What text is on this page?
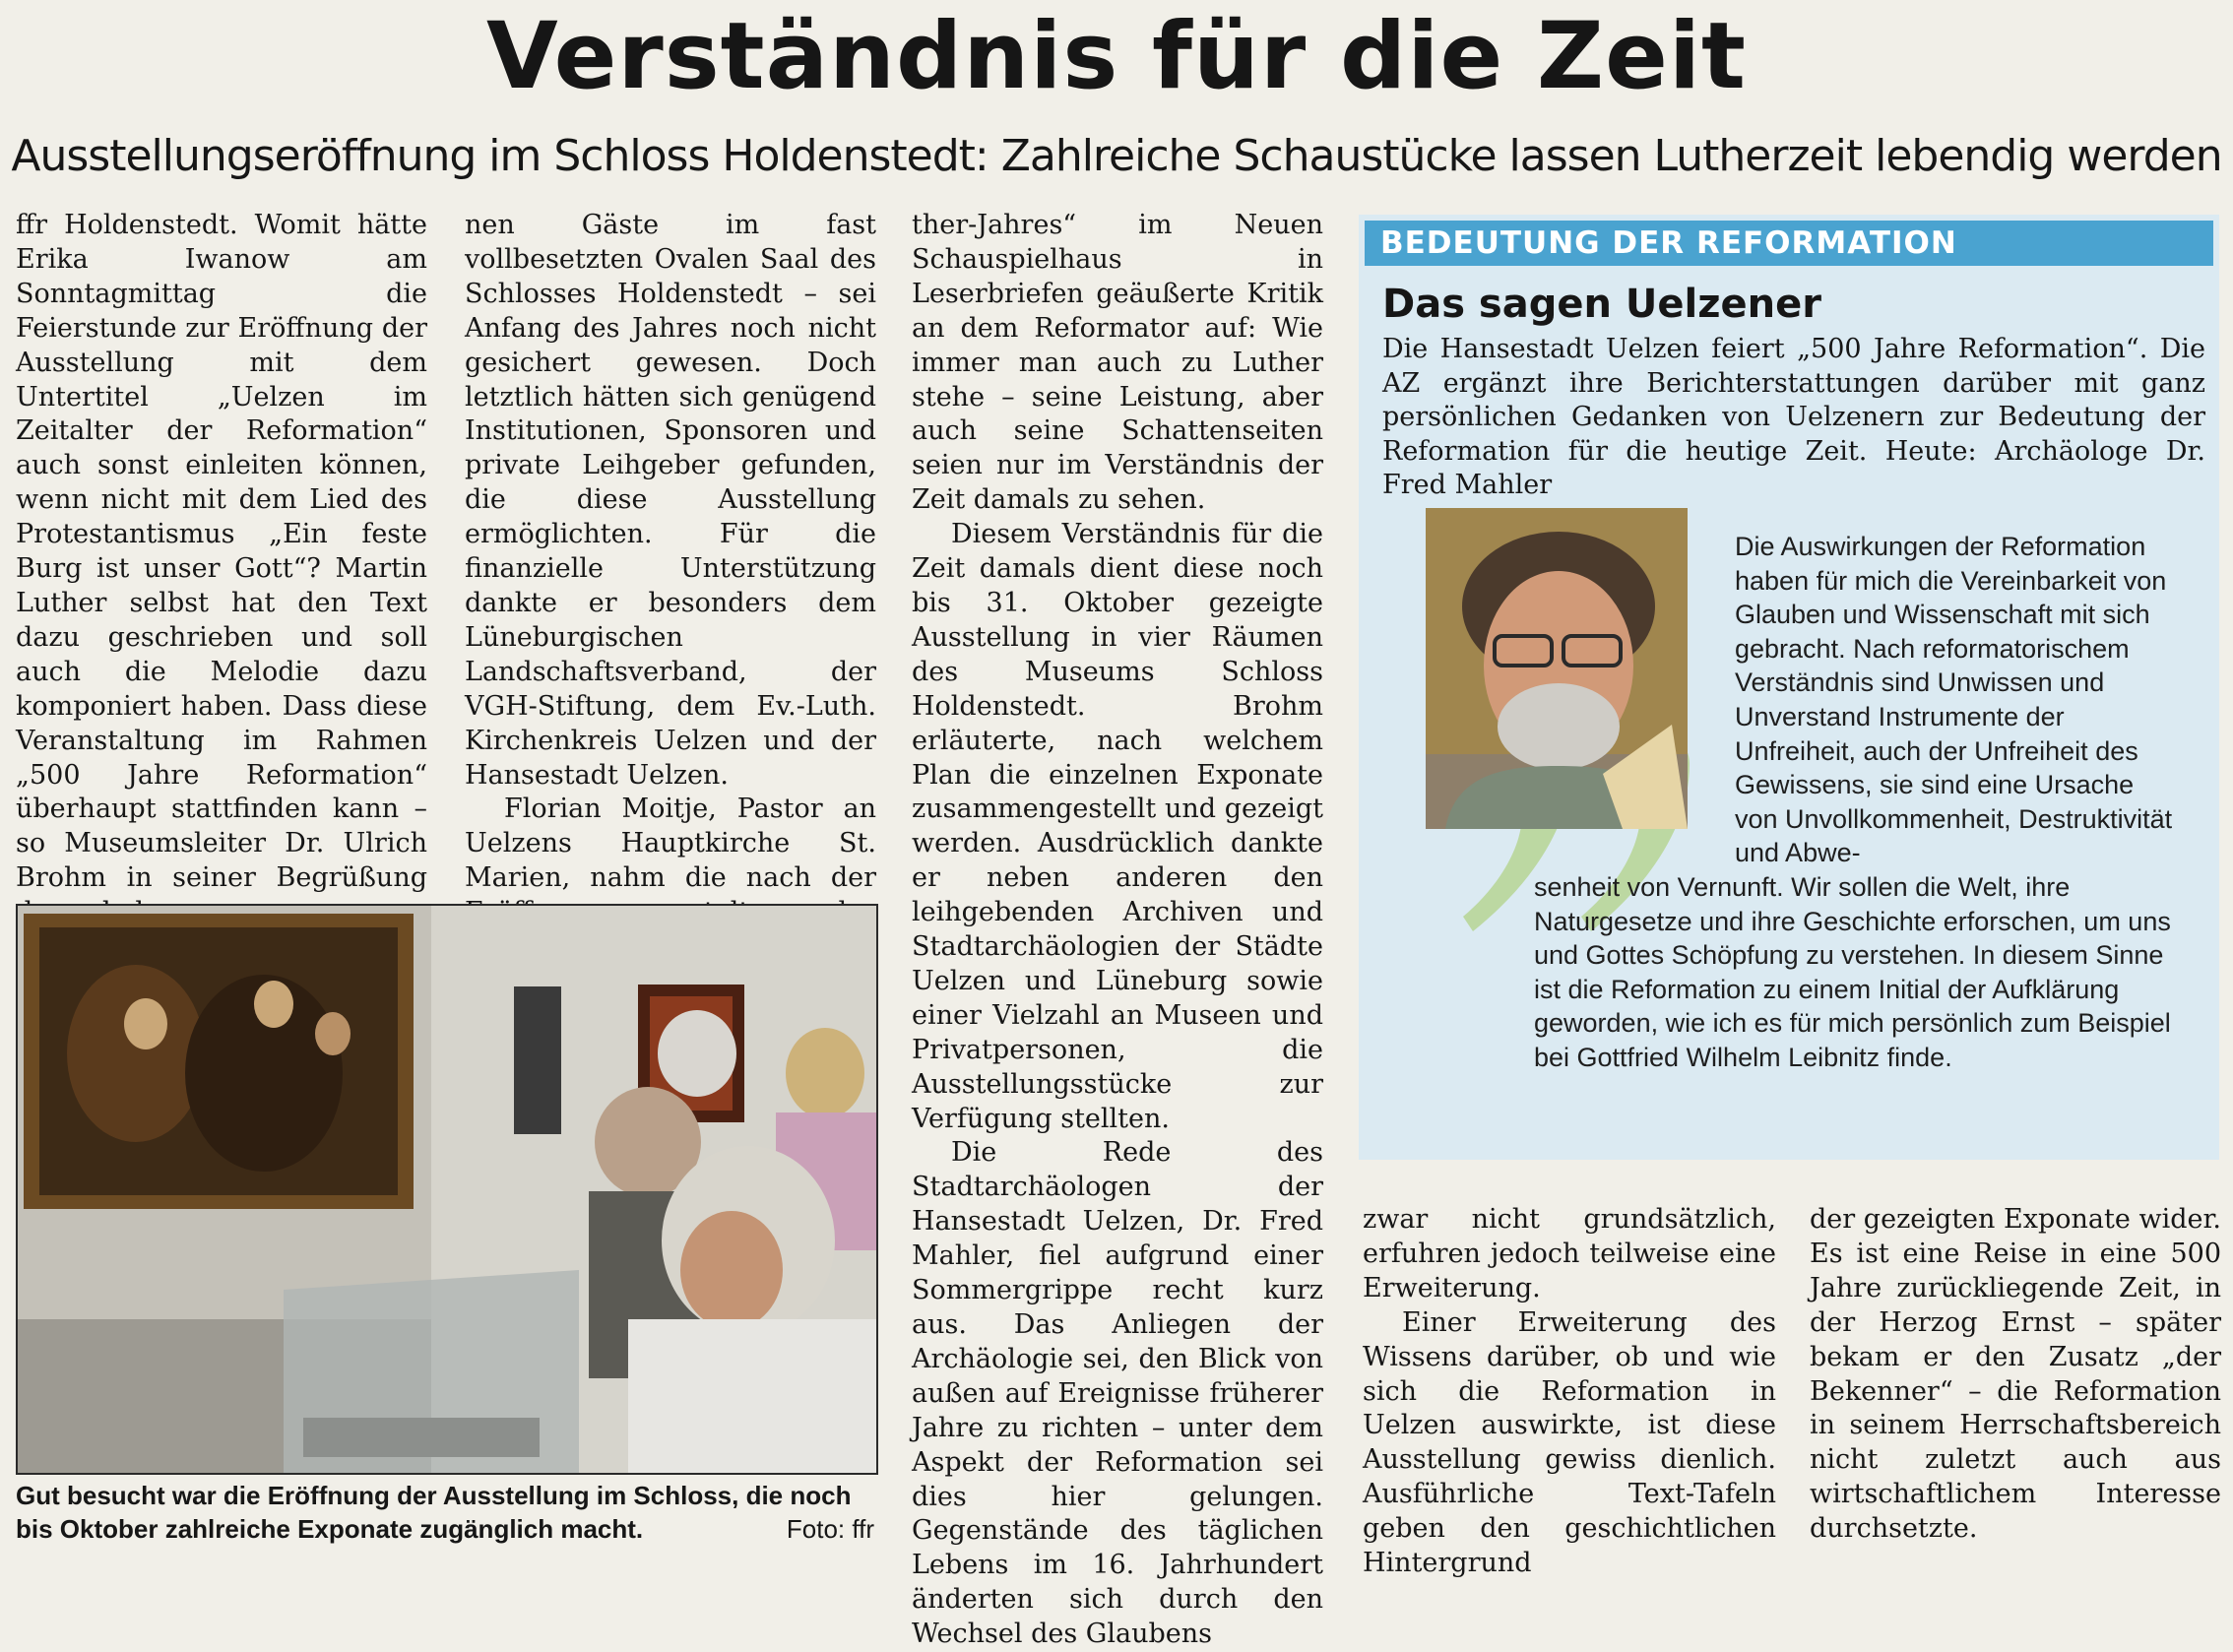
Verständnis für die Zeit
Ausstellungseröffnung im Schloss Holdenstedt: Zahlreiche Schaustücke lassen Lutherzeit lebendig werden

ffr Holdenstedt. Womit hätte Erika Iwanow am Sonntagmittag die Feierstunde zur Eröffnung der Ausstellung mit dem Untertitel „Uelzen im Zeitalter der Reformation“ auch sonst einleiten können, wenn nicht mit dem Lied des Protestantismus „Ein feste Burg ist unser Gott“? Martin Luther selbst hat den Text dazu geschrieben und soll auch die Melodie dazu komponiert haben. Dass diese Veranstaltung im Rahmen „500 Jahre Reformation“ überhaupt stattfinden kann – so Museumsleiter Dr. Ulrich Brohm in seiner Begrüßung

nen Gäste im fast vollbesetzten Ovalen Saal des Schlosses Holdenstedt – sei Anfang des Jahres noch nicht gesichert gewesen. Doch letztlich hätten sich genügend Institutionen, Sponsoren und private Leihgeber gefunden, die diese Ausstellung ermöglichten. Für die finanzielle Unterstützung dankte er besonders dem Lüneburgischen Landschaftsverband, der VGH-Stiftung, dem Ev.-Luth. Kirchenkreis Uelzen und der Hansestadt Uelzen.

Florian Moitje, Pastor an Uelzens Hauptkirche St. Marien, nahm die nach der

ther-Jahres“ im Neuen Schauspielhaus in Leserbriefen geäußerte Kritik an dem Reformator auf: Wie immer man auch zu Luther stehe – seine Leistung, aber auch seine Schattenseiten seien nur im Verständnis der Zeit damals zu sehen.

Diesem Verständnis für die Zeit damals dient diese noch bis 31. Oktober gezeigte Ausstellung in vier Räumen des Museums Schloss Holdenstedt. Brohm erläuterte, nach welchem Plan die einzelnen Exponate zusammengestellt und gezeigt werden. Ausdrücklich dankte er neben anderen den leihgebenden Archiven und Stadtarchäologien der Städte Uelzen und Lüneburg sowie einer Vielzahl an Museen und Privatpersonen, die Ausstellungsstücke zur Verfügung stellten.

Die Rede des Stadtarchäologen der Hansestadt Uelzen, Dr. Fred Mahler, fiel aufgrund einer Sommergrippe recht kurz aus. Das Anliegen der Archäologie sei, den Blick von außen auf Ereignisse früherer Jahre zu richten – unter dem Aspekt der Reformation sei dies hier gelungen. Gegenstände des täglichen Lebens im 16. Jahrhundert änderten sich durch den Wechsel des Glaubens

zwar nicht grundsätzlich, erfuhren jedoch teilweise eine Erweiterung.

Einer Erweiterung des Wissens darüber, ob und wie sich die Reformation in Uelzen auswirkte, ist diese Ausstellung gewiss dienlich. Ausführliche Text-Tafeln geben den geschichtlichen Hintergrund

der gezeigten Exponate wider. Es ist eine Reise in eine 500 Jahre zurückliegende Zeit, in der Herzog Ernst – später bekam er den Zusatz „der Bekenner“ – die Reformation in seinem Herrschaftsbereich nicht zuletzt auch aus wirtschaftlichem Interesse durchsetzte.

Gut besucht war die Eröffnung der Ausstellung im Schloss, die noch bis Oktober zahlreiche Exponate zugänglich macht.	Foto: ffr
BEDEUTUNG DER REFORMATION
Das sagen Uelzener
Die Hansestadt Uelzen feiert „500 Jahre Reformation“. Die AZ ergänzt ihre Berichterstattungen darüber mit ganz persönlichen Gedanken von Uelzenern zur Bedeutung der Reformation für die heutige Zeit. Heute: Archäologe Dr. Fred Mahler
Die Auswirkungen der Reformation haben für mich die Vereinbarkeit von Glauben und Wissenschaft mit sich gebracht. Nach reformatorischem Verständnis sind Unwissen und Unverstand Instrumente der Unfreiheit, auch der Unfreiheit des Gewissens, sie sind eine Ursache von Unvollkommenheit, Destruktivität und Abwe-
senheit von Vernunft. Wir sollen die Welt, ihre Naturgesetze und ihre Geschichte erforschen, um uns und Gottes Schöpfung zu verstehen. In diesem Sinne ist die Reformation zu einem Initial der Aufklärung geworden, wie ich es für mich persönlich zum Beispiel bei Gottfried Wilhelm Leibnitz finde.
